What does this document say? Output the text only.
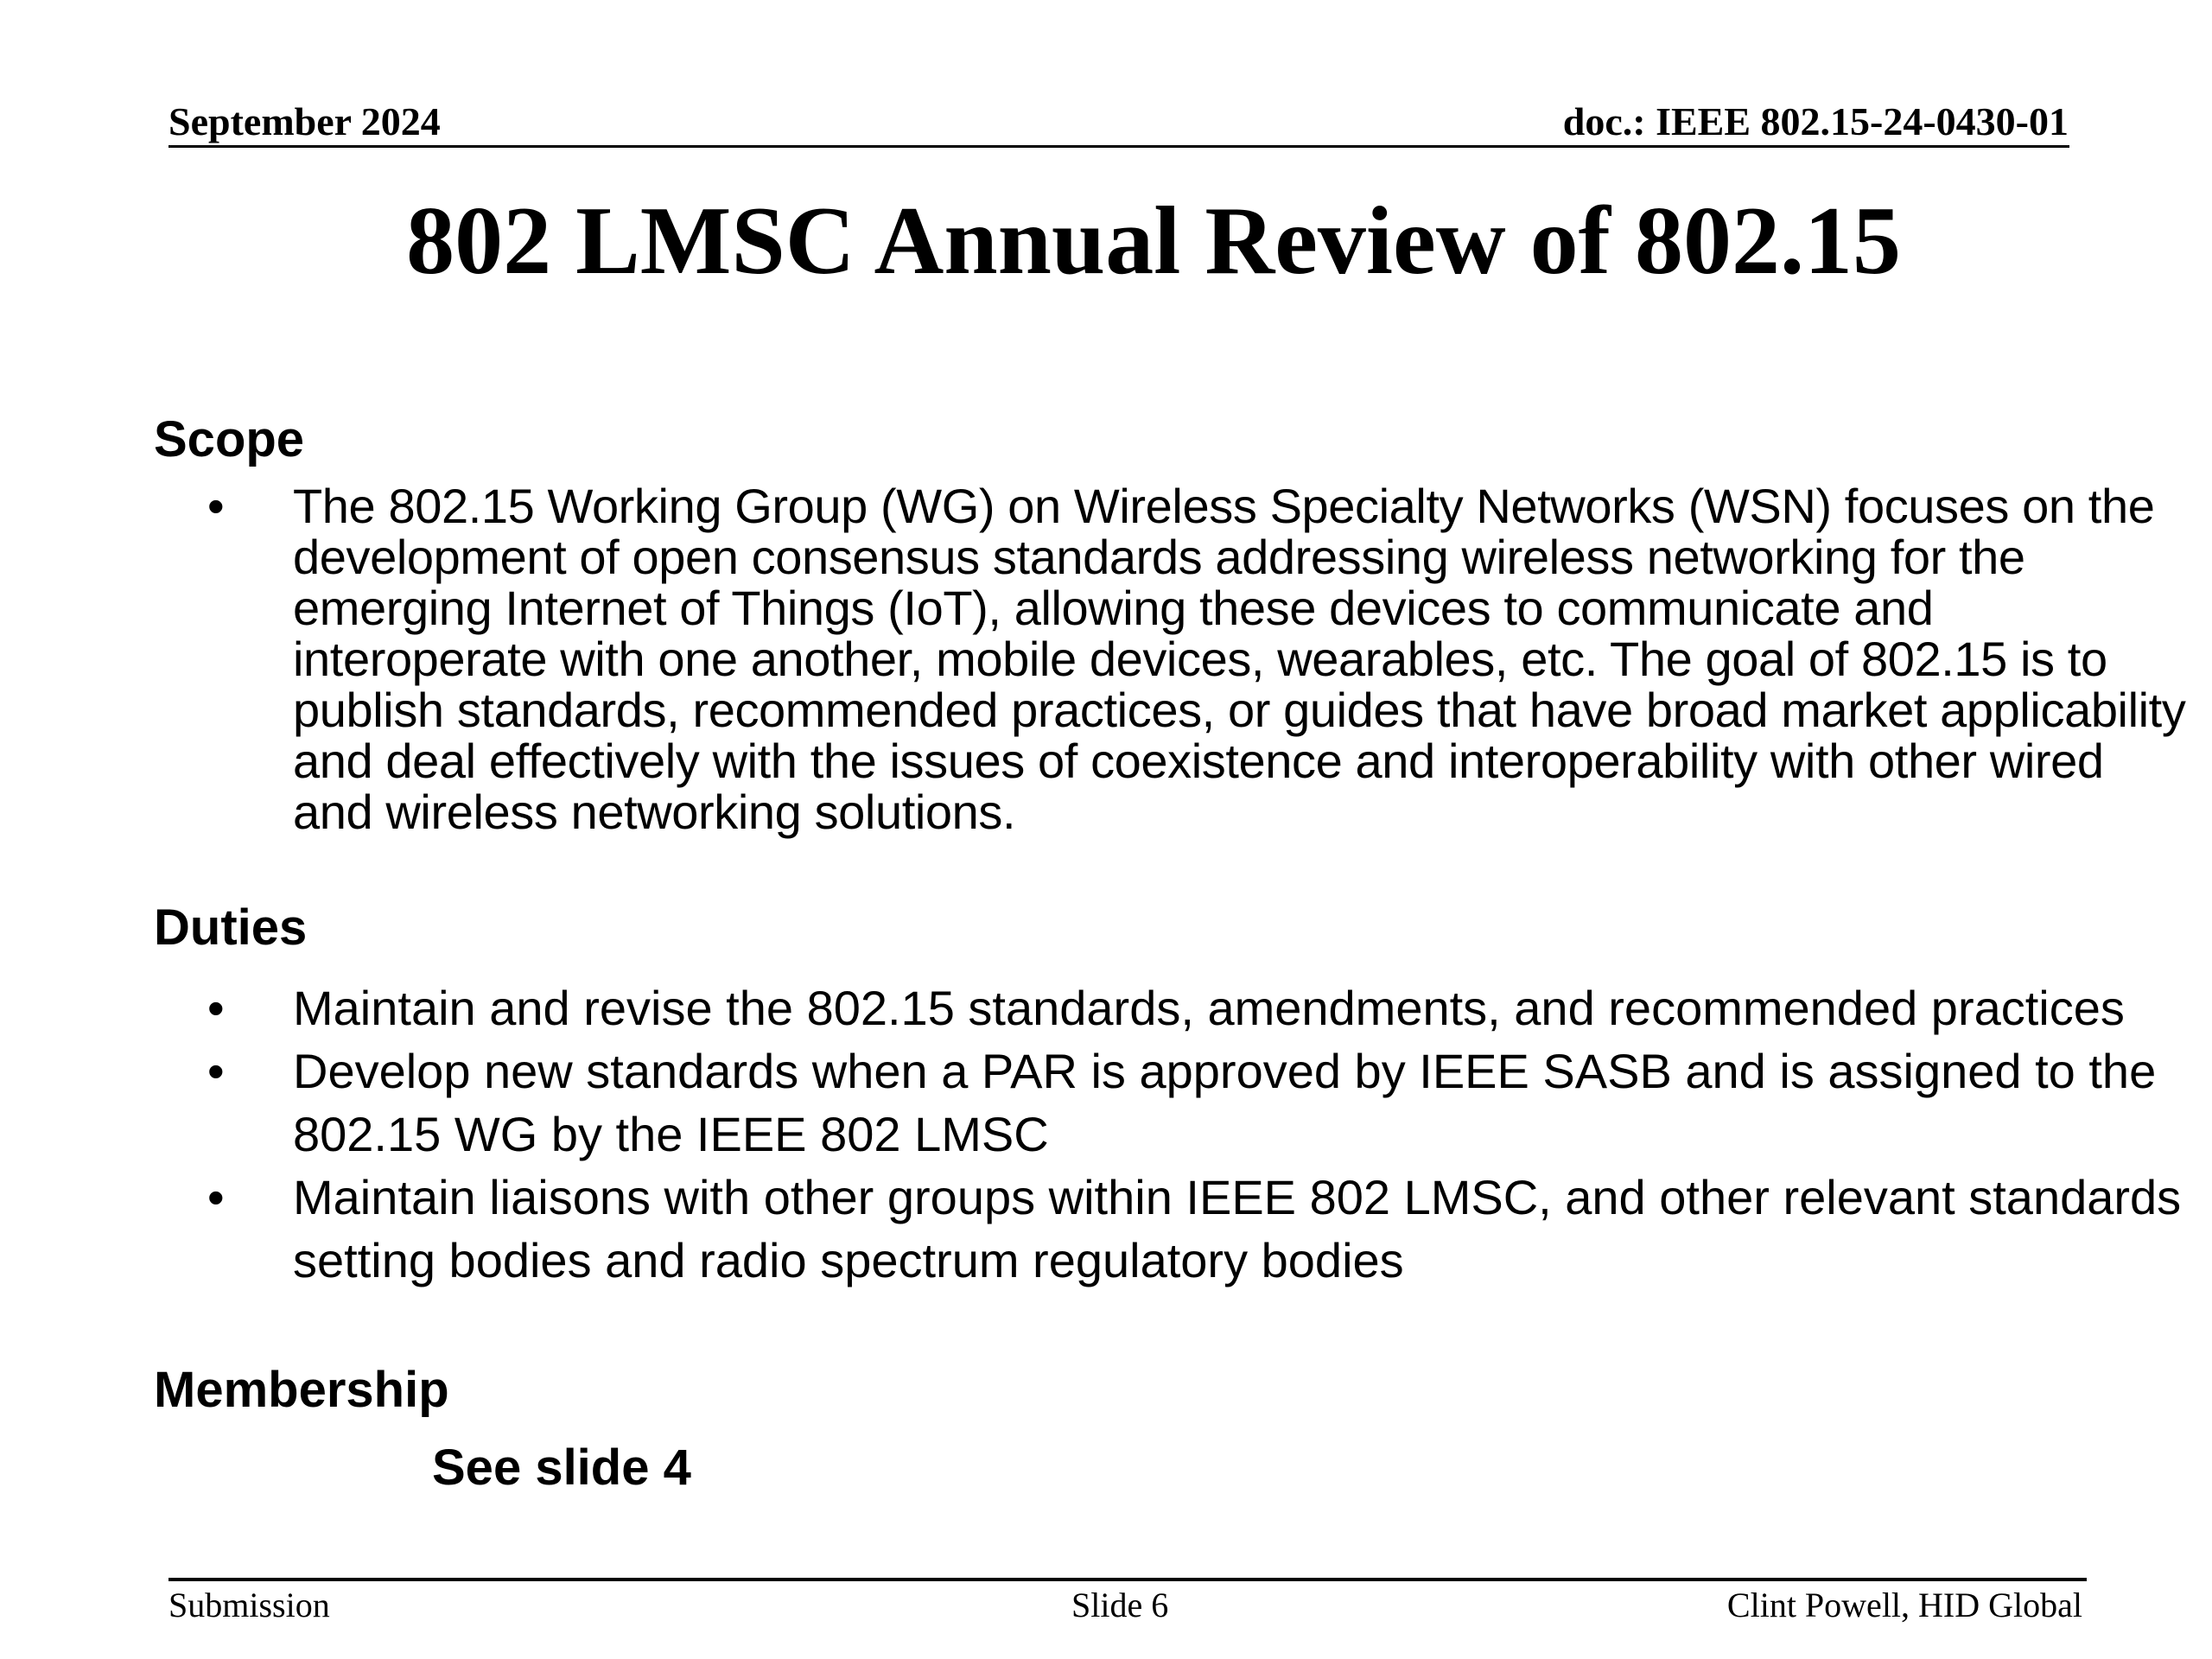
September 2024	doc.: IEEE 802.15-24-0430-01
802 LMSC Annual Review of 802.15
Scope
• The 802.15 Working Group (WG) on Wireless Specialty Networks (WSN) focuses on the development of open consensus standards addressing wireless networking for the emerging Internet of Things (IoT), allowing these devices to communicate and interoperate with one another, mobile devices, wearables, etc. The goal of 802.15 is to publish standards, recommended practices, or guides that have broad market applicability and deal effectively with the issues of coexistence and interoperability with other wired and wireless networking solutions.
Duties
• Maintain and revise the 802.15 standards, amendments, and recommended practices
• Develop new standards when a PAR is approved by IEEE SASB and is assigned to the 802.15 WG by the IEEE 802 LMSC
• Maintain liaisons with other groups within IEEE 802 LMSC, and other relevant standards setting bodies and radio spectrum regulatory bodies
Membership
See slide 4
Submission	Slide 6	Clint Powell, HID Global
